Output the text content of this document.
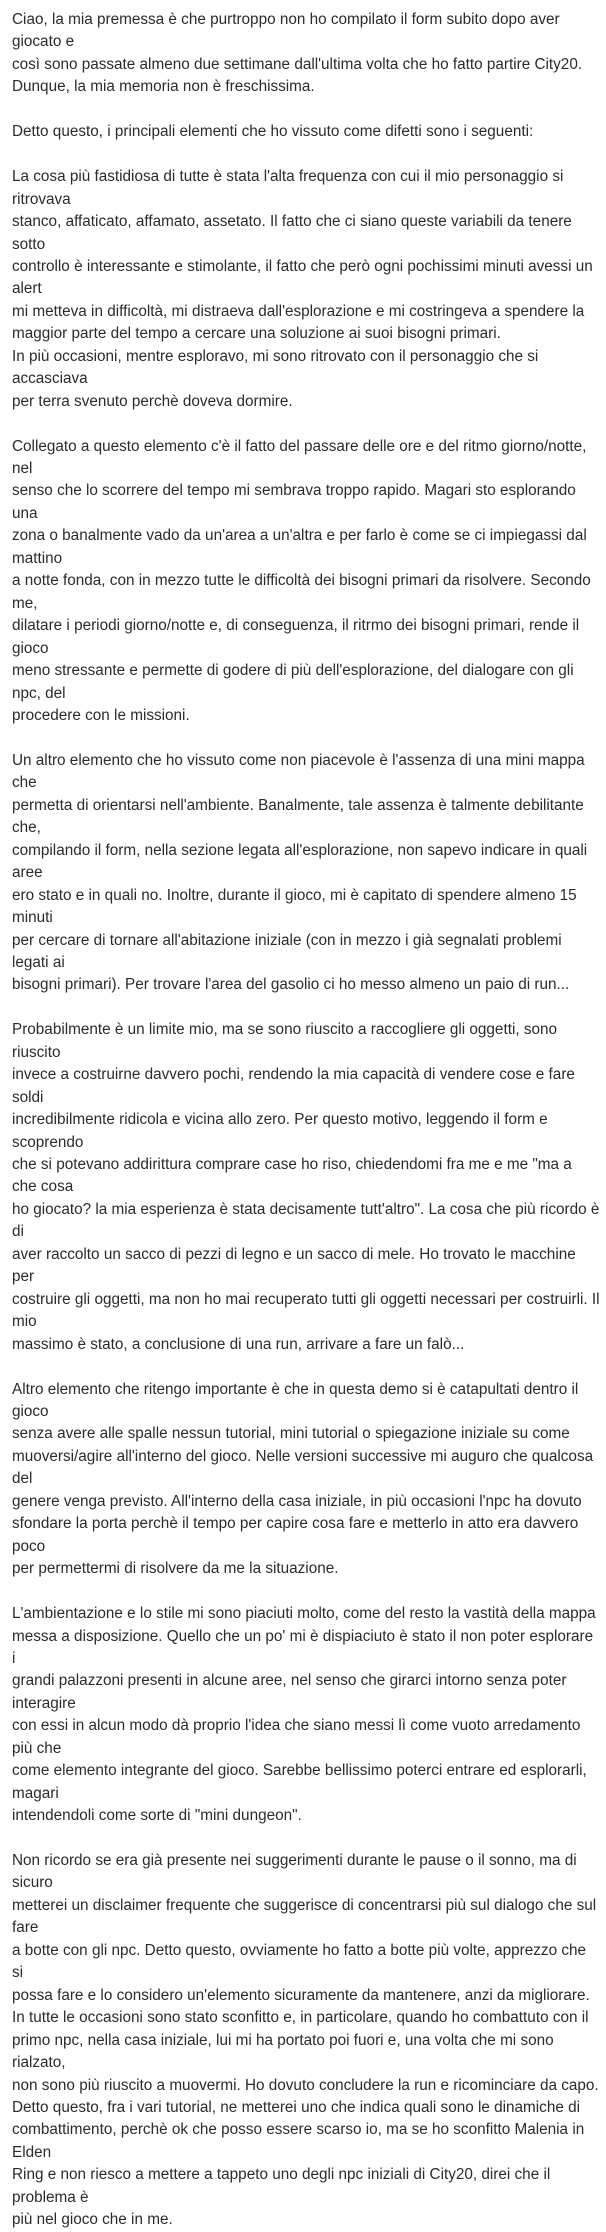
Ciao, la mia premessa è che purtroppo non ho compilato il form subito dopo aver giocato e
così sono passate almeno due settimane dall'ultima volta che ho fatto partire City20.
Dunque, la mia memoria non è freschissima.

Detto questo, i principali elementi che ho vissuto come difetti sono i seguenti:

La cosa più fastidiosa di tutte è stata l'alta frequenza con cui il mio personaggio si ritrovava
stanco, affaticato, affamato, assetato. Il fatto che ci siano queste variabili da tenere sotto
controllo è interessante e stimolante, il fatto che però ogni pochissimi minuti avessi un alert
mi metteva in difficoltà, mi distraeva dall'esplorazione e mi costringeva a spendere la
maggior parte del tempo a cercare una soluzione ai suoi bisogni primari.
In più occasioni, mentre esploravo, mi sono ritrovato con il personaggio che si accasciava
per terra svenuto perchè doveva dormire.

Collegato a questo elemento c'è il fatto del passare delle ore e del ritmo giorno/notte, nel
senso che lo scorrere del tempo mi sembrava troppo rapido. Magari sto esplorando una
zona o banalmente vado da un'area a un'altra e per farlo è come se ci impiegassi dal mattino
a notte fonda, con in mezzo tutte le difficoltà dei bisogni primari da risolvere. Secondo me,
dilatare i periodi giorno/notte e, di conseguenza, il ritrmo dei bisogni primari, rende il gioco
meno stressante e permette di godere di più dell'esplorazione, del dialogare con gli npc, del
procedere con le missioni.

Un altro elemento che ho vissuto come non piacevole è l'assenza di una mini mappa che
permetta di orientarsi nell'ambiente. Banalmente, tale assenza è talmente debilitante che,
compilando il form, nella sezione legata all'esplorazione, non sapevo indicare in quali aree
ero stato e in quali no. Inoltre, durante il gioco, mi è capitato di spendere almeno 15 minuti
per cercare di tornare all'abitazione iniziale (con in mezzo i già segnalati problemi legati ai
bisogni primari). Per trovare l'area del gasolio ci ho messo almeno un paio di run...

Probabilmente è un limite mio, ma se sono riuscito a raccogliere gli oggetti, sono riuscito
invece a costruirne davvero pochi, rendendo la mia capacità di vendere cose e fare soldi
incredibilmente ridicola e vicina allo zero. Per questo motivo, leggendo il form e scoprendo
che si potevano addirittura comprare case ho riso, chiedendomi fra me e me "ma a che cosa
ho giocato? la mia esperienza è stata decisamente tutt'altro". La cosa che più ricordo è di
aver raccolto un sacco di pezzi di legno e un sacco di mele. Ho trovato le macchine per
costruire gli oggetti, ma non ho mai recuperato tutti gli oggetti necessari per costruirli. Il mio
massimo è stato, a conclusione di una run, arrivare a fare un falò...

Altro elemento che ritengo importante è che in questa demo si è catapultati dentro il gioco
senza avere alle spalle nessun tutorial, mini tutorial o spiegazione iniziale su come
muoversi/agire all'interno del gioco. Nelle versioni successive mi auguro che qualcosa del
genere venga previsto. All'interno della casa iniziale, in più occasioni l'npc ha dovuto
sfondare la porta perchè il tempo per capire cosa fare e metterlo in atto era davvero poco
per permettermi di risolvere da me la situazione.

L'ambientazione e lo stile mi sono piaciuti molto, come del resto la vastità della mappa
messa a disposizione. Quello che un po' mi è dispiaciuto è stato il non poter esplorare i
grandi palazzoni presenti in alcune aree, nel senso che girarci intorno senza poter interagire
con essi in alcun modo dà proprio l'idea che siano messi lì come vuoto arredamento più che
come elemento integrante del gioco. Sarebbe bellissimo poterci entrare ed esplorarli, magari
intendendoli come sorte di "mini dungeon".

Non ricordo se era già presente nei suggerimenti durante le pause o il sonno, ma di sicuro
metterei un disclaimer frequente che suggerisce di concentrarsi più sul dialogo che sul fare
a botte con gli npc. Detto questo, ovviamente ho fatto a botte più volte, apprezzo che si
possa fare e lo considero un'elemento sicuramente da mantenere, anzi da migliorare.
In tutte le occasioni sono stato sconfitto e, in particolare, quando ho combattuto con il
primo npc, nella casa iniziale, lui mi ha portato poi fuori e, una volta che mi sono rialzato,
non sono più riuscito a muovermi. Ho dovuto concludere la run e ricominciare da capo.
Detto questo, fra i vari tutorial, ne metterei uno che indica quali sono le dinamiche di
combattimento, perchè ok che posso essere scarso io, ma se ho sconfitto Malenia in Elden
Ring e non riesco a mettere a tappeto uno degli npc iniziali di City20, direi che il problema è
più nel gioco che in me.
